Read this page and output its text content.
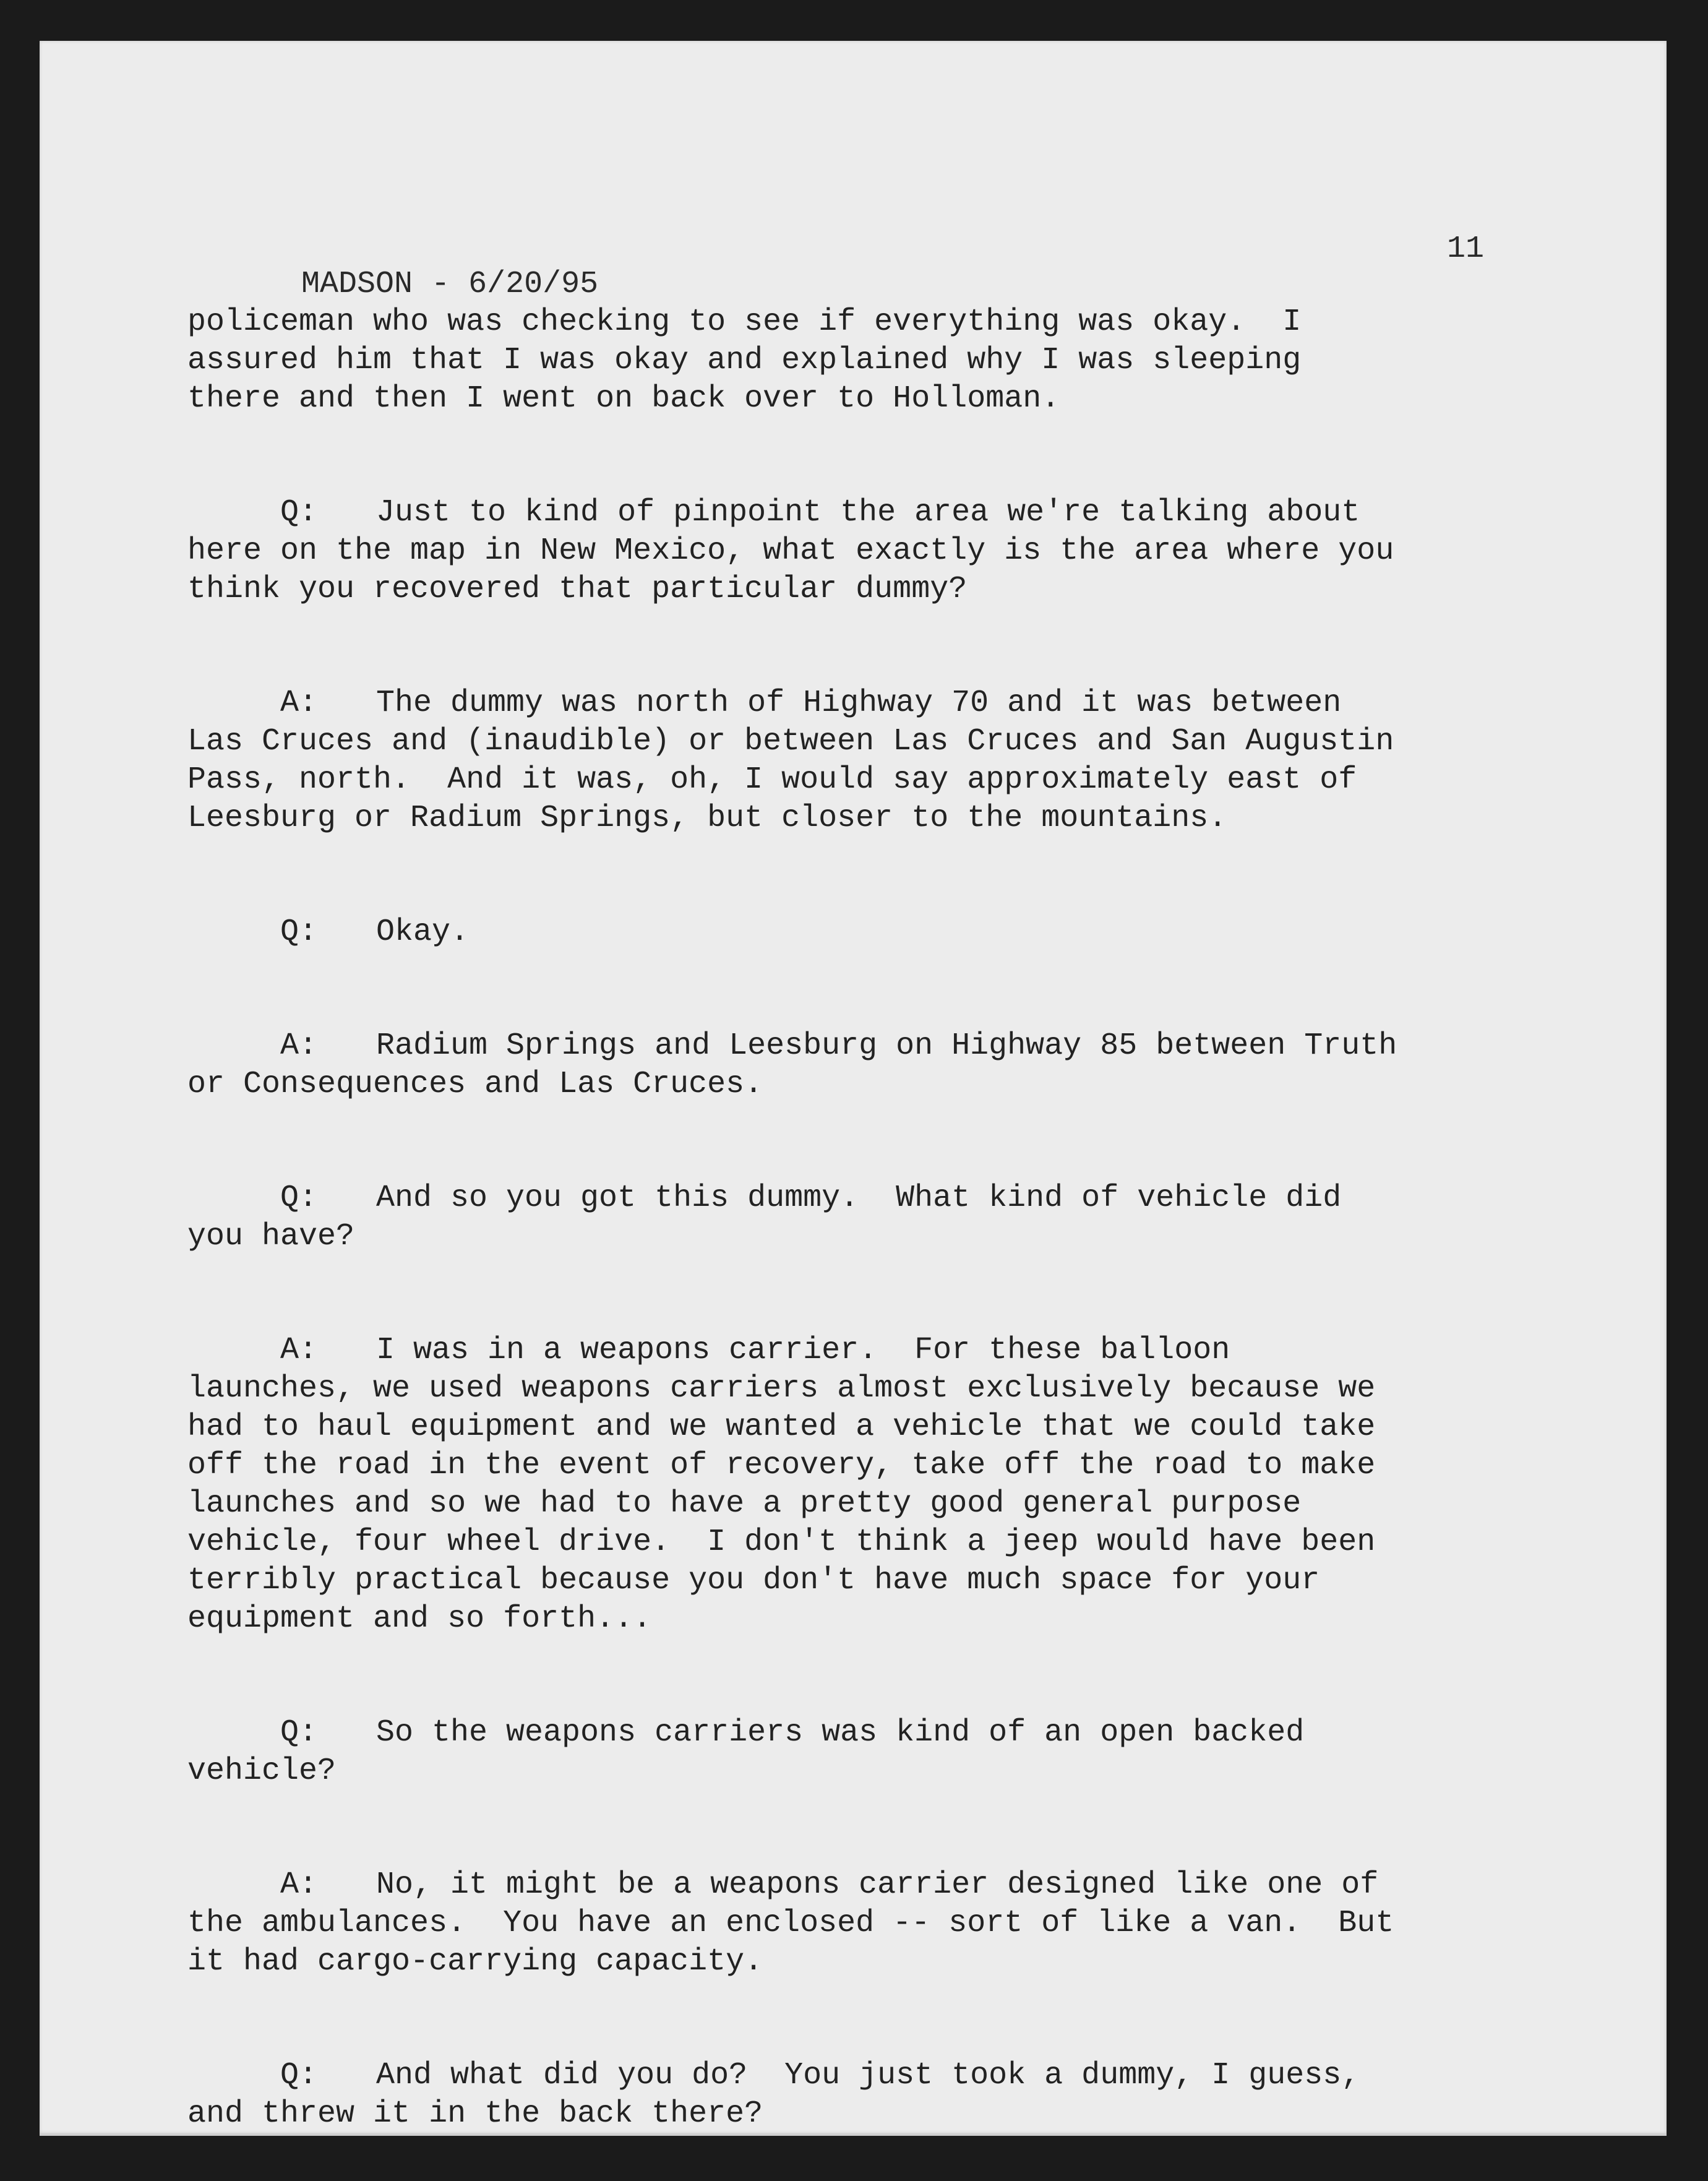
MADSON - 6/20/95

11

policeman who was checking to see if everything was okay.  I
assured him that I was okay and explained why I was sleeping
there and then I went on back over to Holloman.
Q: Just to kind of pinpoint the area we're talking about
here on the map in New Mexico, what exactly is the area where you
think you recovered that particular dummy?
A: The dummy was north of Highway 70 and it was between
Las Cruces and (inaudible) or between Las Cruces and San Augustin
Pass, north.  And it was, oh, I would say approximately east of
Leesburg or Radium Springs, but closer to the mountains.
Q: Okay.
A: Radium Springs and Leesburg on Highway 85 between Truth
or Consequences and Las Cruces.
Q: And so you got this dummy.  What kind of vehicle did
you have?
A: I was in a weapons carrier.  For these balloon
launches, we used weapons carriers almost exclusively because we
had to haul equipment and we wanted a vehicle that we could take
off the road in the event of recovery, take off the road to make
launches and so we had to have a pretty good general purpose
vehicle, four wheel drive.  I don't think a jeep would have been
terribly practical because you don't have much space for your
equipment and so forth...
Q: So the weapons carriers was kind of an open backed
vehicle?
A: No, it might be a weapons carrier designed like one of
the ambulances.  You have an enclosed -- sort of like a van.  But
it had cargo-carrying capacity.
Q: And what did you do?  You just took a dummy, I guess,
and threw it in the back there?
